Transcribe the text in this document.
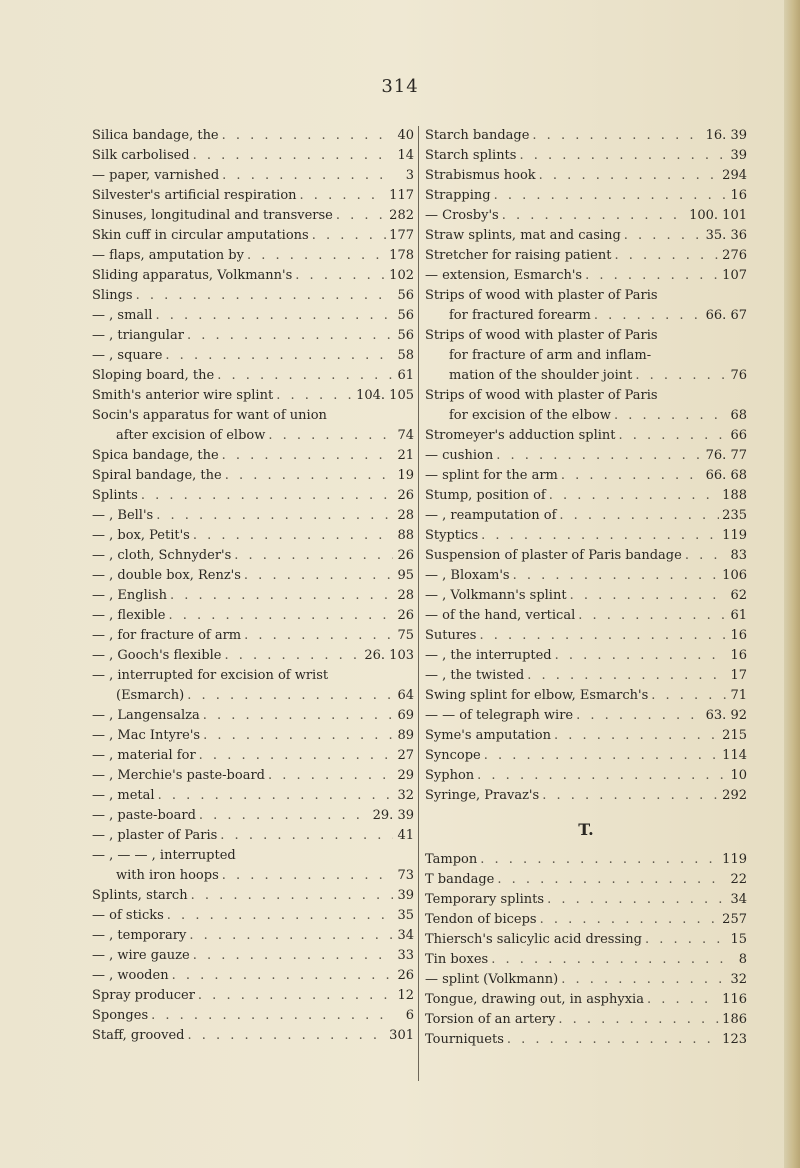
314
Silica bandage, the . . .	40
Silk carbolised . . .	14
— paper, varnished . . .	3
Silvester's artificial respiration . . .	117
Sinuses, longitudinal and transverse . . .	282
Skin cuff in circular amputations . . .	177
— flaps, amputation by . . .	178
Sliding apparatus, Volkmann's . . .	102
Slings . . .	56
— , small . . .	56
— , triangular . . .	56
— , square . . .	58
Sloping board, the . . .	61
Smith's anterior wire splint . . .	104. 105
Socin's apparatus for want of union
after excision of elbow . . .	74
Spica bandage, the . . .	21
Spiral bandage, the . . .	19
Splints . . .	26
— , Bell's . . .	28
— , box, Petit's . . .	88
— , cloth, Schnyder's . . .	26
— , double box, Renz's . . .	95
— , English . . .	28
— , flexible . . .	26
— , for fracture of arm . . .	75
— , Gooch's flexible . . .	26. 103
— , interrupted for excision of wrist
(Esmarch) . . .	64
— , Langensalza . . .	69
— , Mac Intyre's . . .	89
— , material for . . .	27
— , Merchie's paste-board . . .	29
— , metal . . .	32
— , paste-board . . .	29. 39
— , plaster of Paris . . .	41
— , — — , interrupted
with iron hoops . . .	73
Splints, starch . . .	39
— of sticks . . .	35
— , temporary . . .	34
— , wire gauze . . .	33
— , wooden . . .	26
Spray producer . . .	12
Sponges . . .	6
Staff, grooved . . .	301
Starch bandage . . .	16. 39
Starch splints . . .	39
Strabismus hook . . .	294
Strapping . . .	16
— Crosby's . . .	100. 101
Straw splints, mat and casing . . .	35. 36
Stretcher for raising patient . . .	276
— extension, Esmarch's . . .	107
Strips of wood with plaster of Paris
for fractured forearm . . .	66. 67
Strips of wood with plaster of Paris
for fracture of arm and inflam-
mation of the shoulder joint . . .	76
Strips of wood with plaster of Paris
for excision of the elbow . . .	68
Stromeyer's adduction splint . . .	66
— cushion . . .	76. 77
— splint for the arm . . .	66. 68
Stump, position of . . .	188
— , reamputation of . . .	235
Styptics . . .	119
Suspension of plaster of Paris bandage . . .	83
— , Bloxam's . . .	106
— , Volkmann's splint . . .	62
— of the hand, vertical . . .	61
Sutures . . .	16
— , the interrupted . . .	16
— , the twisted . . .	17
Swing splint for elbow, Esmarch's . . .	71
— — of telegraph wire . . .	63. 92
Syme's amputation . . .	215
Syncope . . .	114
Syphon . . .	10
Syringe, Pravaz's . . .	292
T.
Tampon . . .	119
T bandage . . .	22
Temporary splints . . .	34
Tendon of biceps . . .	257
Thiersch's salicylic acid dressing . . .	15
Tin boxes . . .	8
— splint (Volkmann) . . .	32
Tongue, drawing out, in asphyxia . . .	116
Torsion of an artery . . .	186
Tourniquets . . .	123
